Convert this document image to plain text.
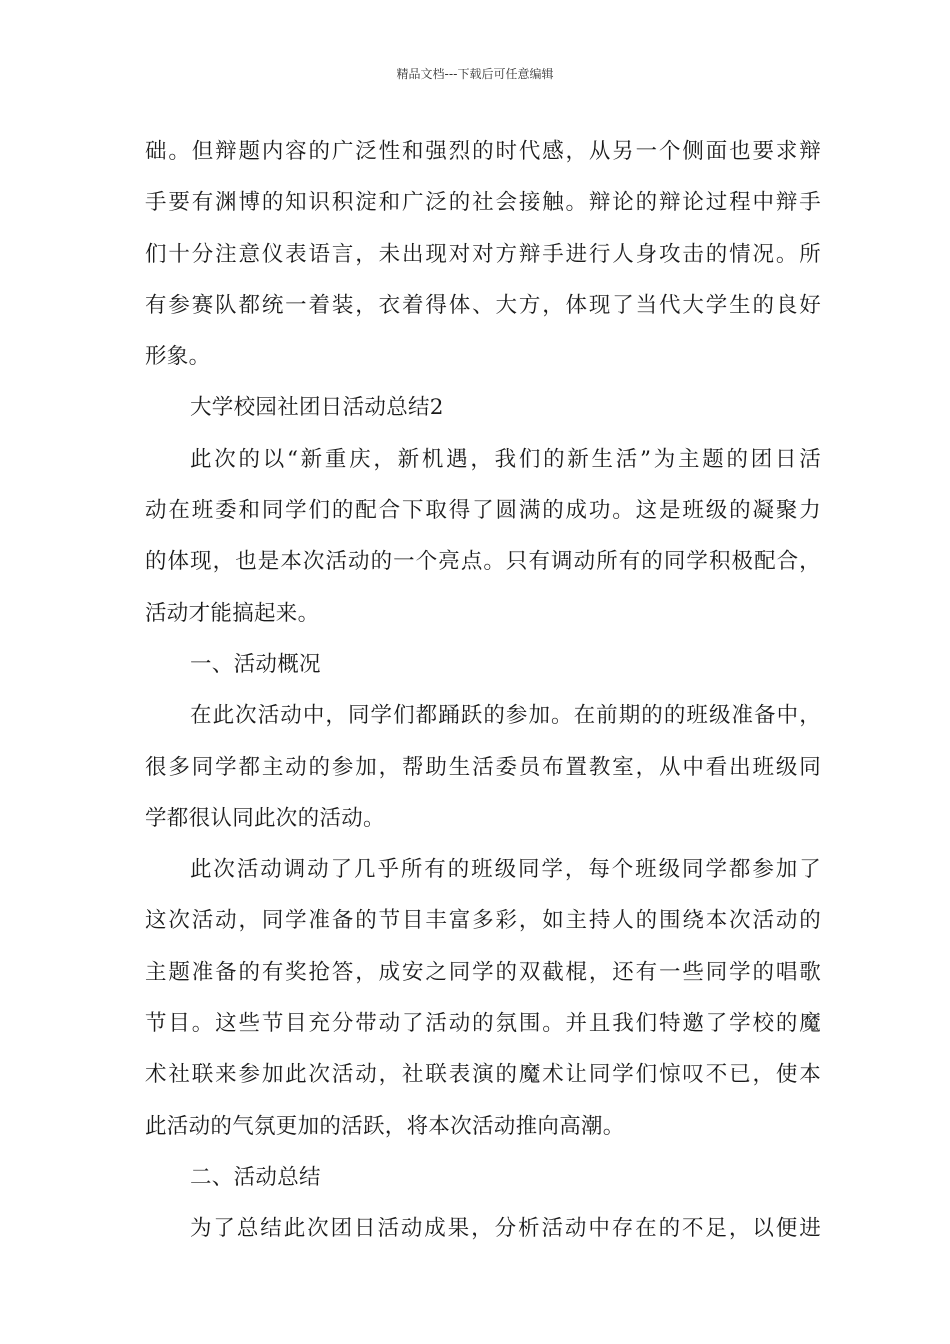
精品文档---下载后可任意编辑
础。但辩题内容的广泛性和强烈的时代感，从另一个侧面也要求辩
手要有渊博的知识积淀和广泛的社会接触。辩论的辩论过程中辩手
们十分注意仪表语言，未出现对对方辩手进行人身攻击的情况。所
有参赛队都统一着装，衣着得体、大方，体现了当代大学生的良好
形象。
大学校园社团日活动总结2
此次的以“新重庆，新机遇，我们的新生活”为主题的团日活
动在班委和同学们的配合下取得了圆满的成功。这是班级的凝聚力
的体现，也是本次活动的一个亮点。只有调动所有的同学积极配合，
活动才能搞起来。
一、活动概况
在此次活动中，同学们都踊跃的参加。在前期的的班级准备中，
很多同学都主动的参加，帮助生活委员布置教室，从中看出班级同
学都很认同此次的活动。
此次活动调动了几乎所有的班级同学，每个班级同学都参加了
这次活动，同学准备的节目丰富多彩，如主持人的围绕本次活动的
主题准备的有奖抢答，成安之同学的双截棍，还有一些同学的唱歌
节目。这些节目充分带动了活动的氛围。并且我们特邀了学校的魔
术社联来参加此次活动，社联表演的魔术让同学们惊叹不已，使本
此活动的气氛更加的活跃，将本次活动推向高潮。
二、活动总结
为了总结此次团日活动成果，分析活动中存在的不足，以便进
